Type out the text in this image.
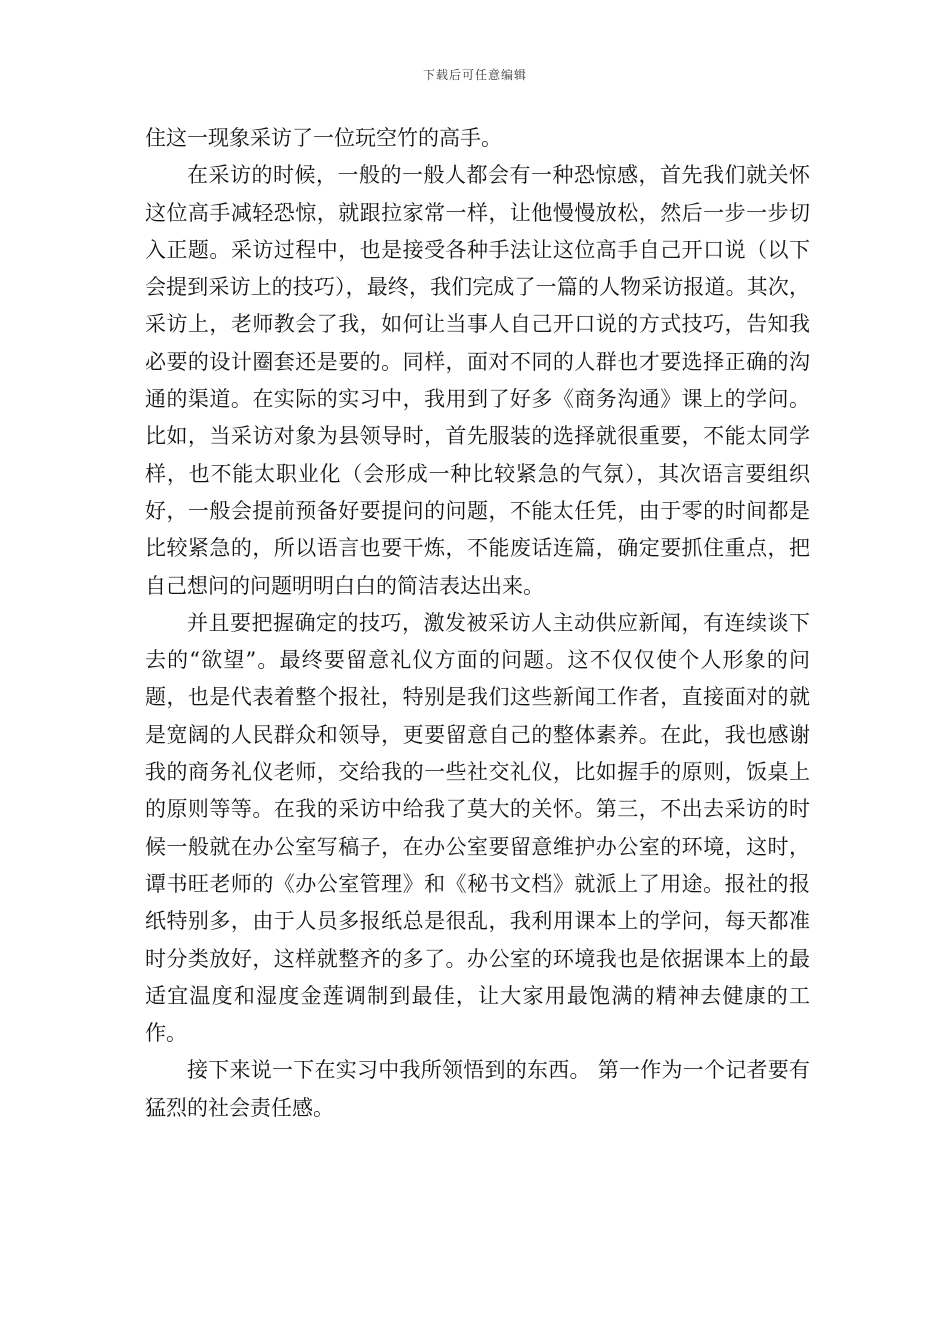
下载后可任意编辑

住这一现象采访了一位玩空竹的高手。

在采访的时候，一般的一般人都会有一种恐惊感，首先我们就关怀这位高手减轻恐惊，就跟拉家常一样，让他慢慢放松，然后一步一步切入正题。采访过程中，也是接受各种手法让这位高手自己开口说（以下会提到采访上的技巧），最终，我们完成了一篇的人物采访报道。其次，采访上，老师教会了我，如何让当事人自己开口说的方式技巧，告知我必要的设计圈套还是要的。同样，面对不同的人群也才要选择正确的沟通的渠道。在实际的实习中，我用到了好多《商务沟通》课上的学问。比如，当采访对象为县领导时，首先服装的选择就很重要，不能太同学样，也不能太职业化（会形成一种比较紧急的气氛），其次语言要组织好，一般会提前预备好要提问的问题，不能太任凭，由于零的时间都是比较紧急的，所以语言也要干炼，不能废话连篇，确定要抓住重点，把自己想问的问题明明白白的简洁表达出来。

并且要把握确定的技巧，激发被采访人主动供应新闻，有连续谈下去的“欲望”。最终要留意礼仪方面的问题。这不仅仅使个人形象的问题，也是代表着整个报社，特别是我们这些新闻工作者，直接面对的就是宽阔的人民群众和领导，更要留意自己的整体素养。在此，我也感谢我的商务礼仪老师，交给我的一些社交礼仪，比如握手的原则，饭桌上的原则等等。在我的采访中给我了莫大的关怀。第三，不出去采访的时候一般就在办公室写稿子，在办公室要留意维护办公室的环境，这时，谭书旺老师的《办公室管理》和《秘书文档》就派上了用途。报社的报纸特别多，由于人员多报纸总是很乱，我利用课本上的学问，每天都准时分类放好，这样就整齐的多了。办公室的环境我也是依据课本上的最适宜温度和湿度金莲调制到最佳，让大家用最饱满的精神去健康的工作。

接下来说一下在实习中我所领悟到的东西。 第一作为一个记者要有猛烈的社会责任感。
